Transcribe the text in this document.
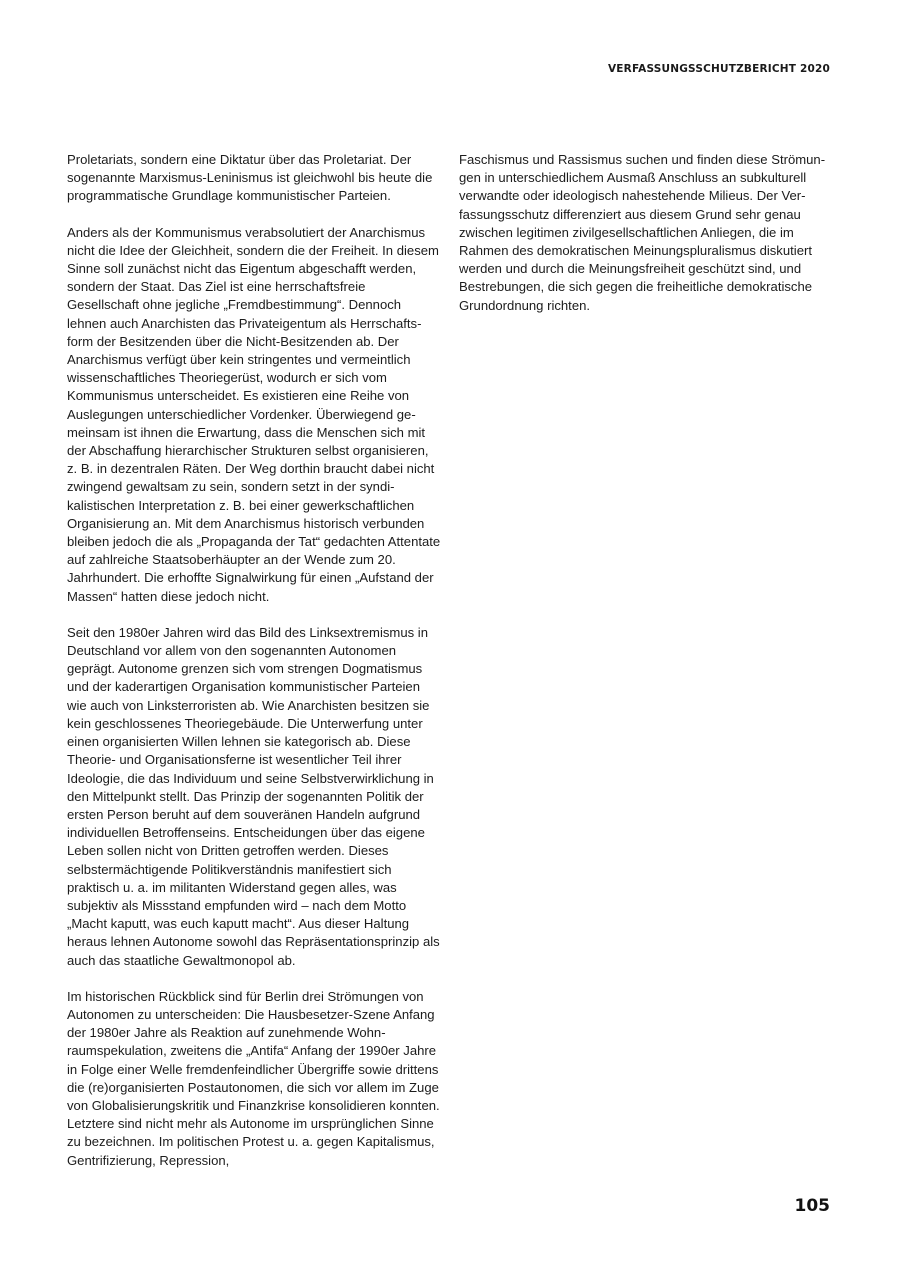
VERFASSUNGSSCHUTZBERICHT 2020

Proletariats, sondern eine Diktatur über das Proletariat. Der sogenannte Marxismus-Leninismus ist gleichwohl bis heute die programmatische Grundlage kommunistischer Parteien.

Anders als der Kommunismus verabsolutiert der Anarchismus nicht die Idee der Gleichheit, sondern die der Freiheit. In diesem Sinne soll zunächst nicht das Eigentum abgeschafft werden, sondern der Staat. Das Ziel ist eine herrschaftsfreie Gesellschaft ohne jegliche „Fremdbestimmung“. Dennoch lehnen auch Anarchisten das Privateigentum als Herrschaftsform der Besitzenden über die Nicht-Besitzenden ab. Der Anarchismus verfügt über kein stringentes und vermeintlich wissenschaftliches Theoriegerüst, wodurch er sich vom Kommunismus unterscheidet. Es existieren eine Reihe von Auslegungen unterschiedlicher Vordenker. Überwiegend gemeinsam ist ihnen die Erwartung, dass die Menschen sich mit der Abschaffung hierarchischer Strukturen selbst organisieren, z. B. in dezentralen Räten. Der Weg dorthin braucht dabei nicht zwingend gewaltsam zu sein, sondern setzt in der syndikalistischen Interpretation z. B. bei einer gewerkschaftlichen Organisierung an. Mit dem Anarchismus historisch verbunden bleiben jedoch die als „Propaganda der Tat“ gedachten Attentate auf zahlreiche Staatsoberhäupter an der Wende zum 20. Jahrhundert. Die erhoffte Signalwirkung für einen „Aufstand der Massen“ hatten diese jedoch nicht.

Seit den 1980er Jahren wird das Bild des Linksextremismus in Deutschland vor allem von den sogenannten Autonomen geprägt. Autonome grenzen sich vom strengen Dogmatismus und der kaderartigen Organisation kommunistischer Parteien wie auch von Linksterroristen ab. Wie Anarchisten besitzen sie kein geschlossenes Theoriegebäude. Die Unterwerfung unter einen organisierten Willen lehnen sie kategorisch ab. Diese Theorie- und Organisationsferne ist wesentlicher Teil ihrer Ideologie, die das Individuum und seine Selbstverwirklichung in den Mittelpunkt stellt. Das Prinzip der sogenannten Politik der ersten Person beruht auf dem souveränen Handeln aufgrund individuellen Betroffenseins. Entscheidungen über das eigene Leben sollen nicht von Dritten getroffen werden. Dieses selbstermächtigende Politikverständnis manifestiert sich praktisch u. a. im militanten Widerstand gegen alles, was subjektiv als Missstand empfunden wird – nach dem Motto „Macht kaputt, was euch kaputt macht“. Aus dieser Haltung heraus lehnen Autonome sowohl das Repräsentationsprinzip als auch das staatliche Gewaltmonopol ab.

Im historischen Rückblick sind für Berlin drei Strömungen von Autonomen zu unterscheiden: Die Hausbesetzer-Szene Anfang der 1980er Jahre als Reaktion auf zunehmende Wohnraumspekulation, zweitens die „Antifa“ Anfang der 1990er Jahre in Folge einer Welle fremdenfeindlicher Übergriffe sowie drittens die (re)organisierten Postautonomen, die sich vor allem im Zuge von Globalisierungskritik und Finanzkrise konsolidieren konnten. Letztere sind nicht mehr als Autonome im ursprünglichen Sinne zu bezeichnen. Im politischen Protest u. a. gegen Kapitalismus, Gentrifizierung, Repression,

Faschismus und Rassismus suchen und finden diese Strömungen in unterschiedlichem Ausmaß Anschluss an subkulturell verwandte oder ideologisch nahestehende Milieus. Der Verfassungsschutz differenziert aus diesem Grund sehr genau zwischen legitimen zivilgesellschaftlichen Anliegen, die im Rahmen des demokratischen Meinungspluralismus diskutiert werden und durch die Meinungsfreiheit geschützt sind, und Bestrebungen, die sich gegen die freiheitliche demokratische Grundordnung richten.

105
